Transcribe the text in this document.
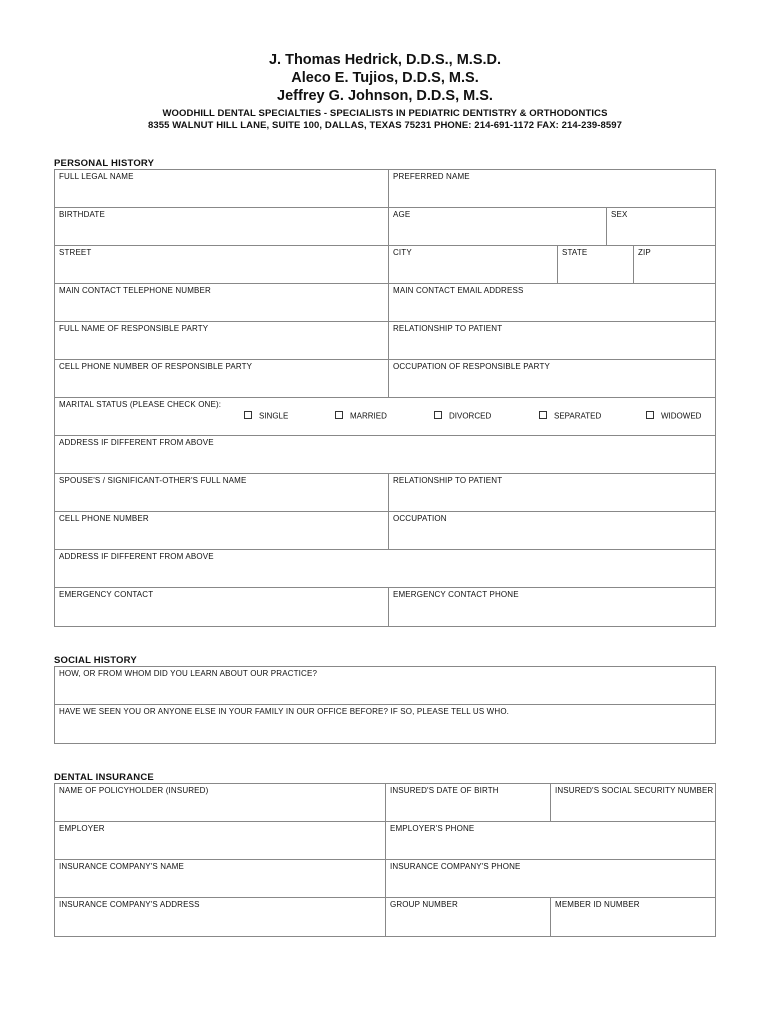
J. Thomas Hedrick, D.D.S., M.S.D.
Aleco E. Tujios, D.D.S, M.S.
Jeffrey G. Johnson, D.D.S, M.S.
WOODHILL DENTAL SPECIALTIES - SPECIALISTS IN PEDIATRIC DENTISTRY & ORTHODONTICS
8355 WALNUT HILL LANE, SUITE 100, DALLAS, TEXAS 75231 PHONE: 214-691-1172 FAX: 214-239-8597
PERSONAL HISTORY
FULL LEGAL NAME	PREFERRED NAME
BIRTHDATE	AGE	SEX
STREET	CITY	STATE	ZIP
MAIN CONTACT TELEPHONE NUMBER	MAIN CONTACT EMAIL ADDRESS
FULL NAME OF RESPONSIBLE PARTY	RELATIONSHIP TO PATIENT
CELL PHONE NUMBER OF RESPONSIBLE PARTY	OCCUPATION OF RESPONSIBLE PARTY
MARITAL STATUS (PLEASE CHECK ONE):
SINGLE	MARRIED	DIVORCED	SEPARATED	WIDOWED
ADDRESS IF DIFFERENT FROM ABOVE
SPOUSE'S / SIGNIFICANT-OTHER'S FULL NAME	RELATIONSHIP TO PATIENT
CELL PHONE NUMBER	OCCUPATION
ADDRESS IF DIFFERENT FROM ABOVE
EMERGENCY CONTACT	EMERGENCY CONTACT PHONE
SOCIAL HISTORY
HOW, OR FROM WHOM DID YOU LEARN ABOUT OUR PRACTICE?
HAVE WE SEEN YOU OR ANYONE ELSE IN YOUR FAMILY IN OUR OFFICE BEFORE? IF SO, PLEASE TELL US WHO.
DENTAL INSURANCE
NAME OF POLICYHOLDER (INSURED)	INSURED'S DATE OF BIRTH	INSURED'S SOCIAL SECURITY NUMBER
EMPLOYER	EMPLOYER'S PHONE
INSURANCE COMPANY'S NAME	INSURANCE COMPANY'S PHONE
INSURANCE COMPANY'S ADDRESS	GROUP NUMBER	MEMBER ID NUMBER
